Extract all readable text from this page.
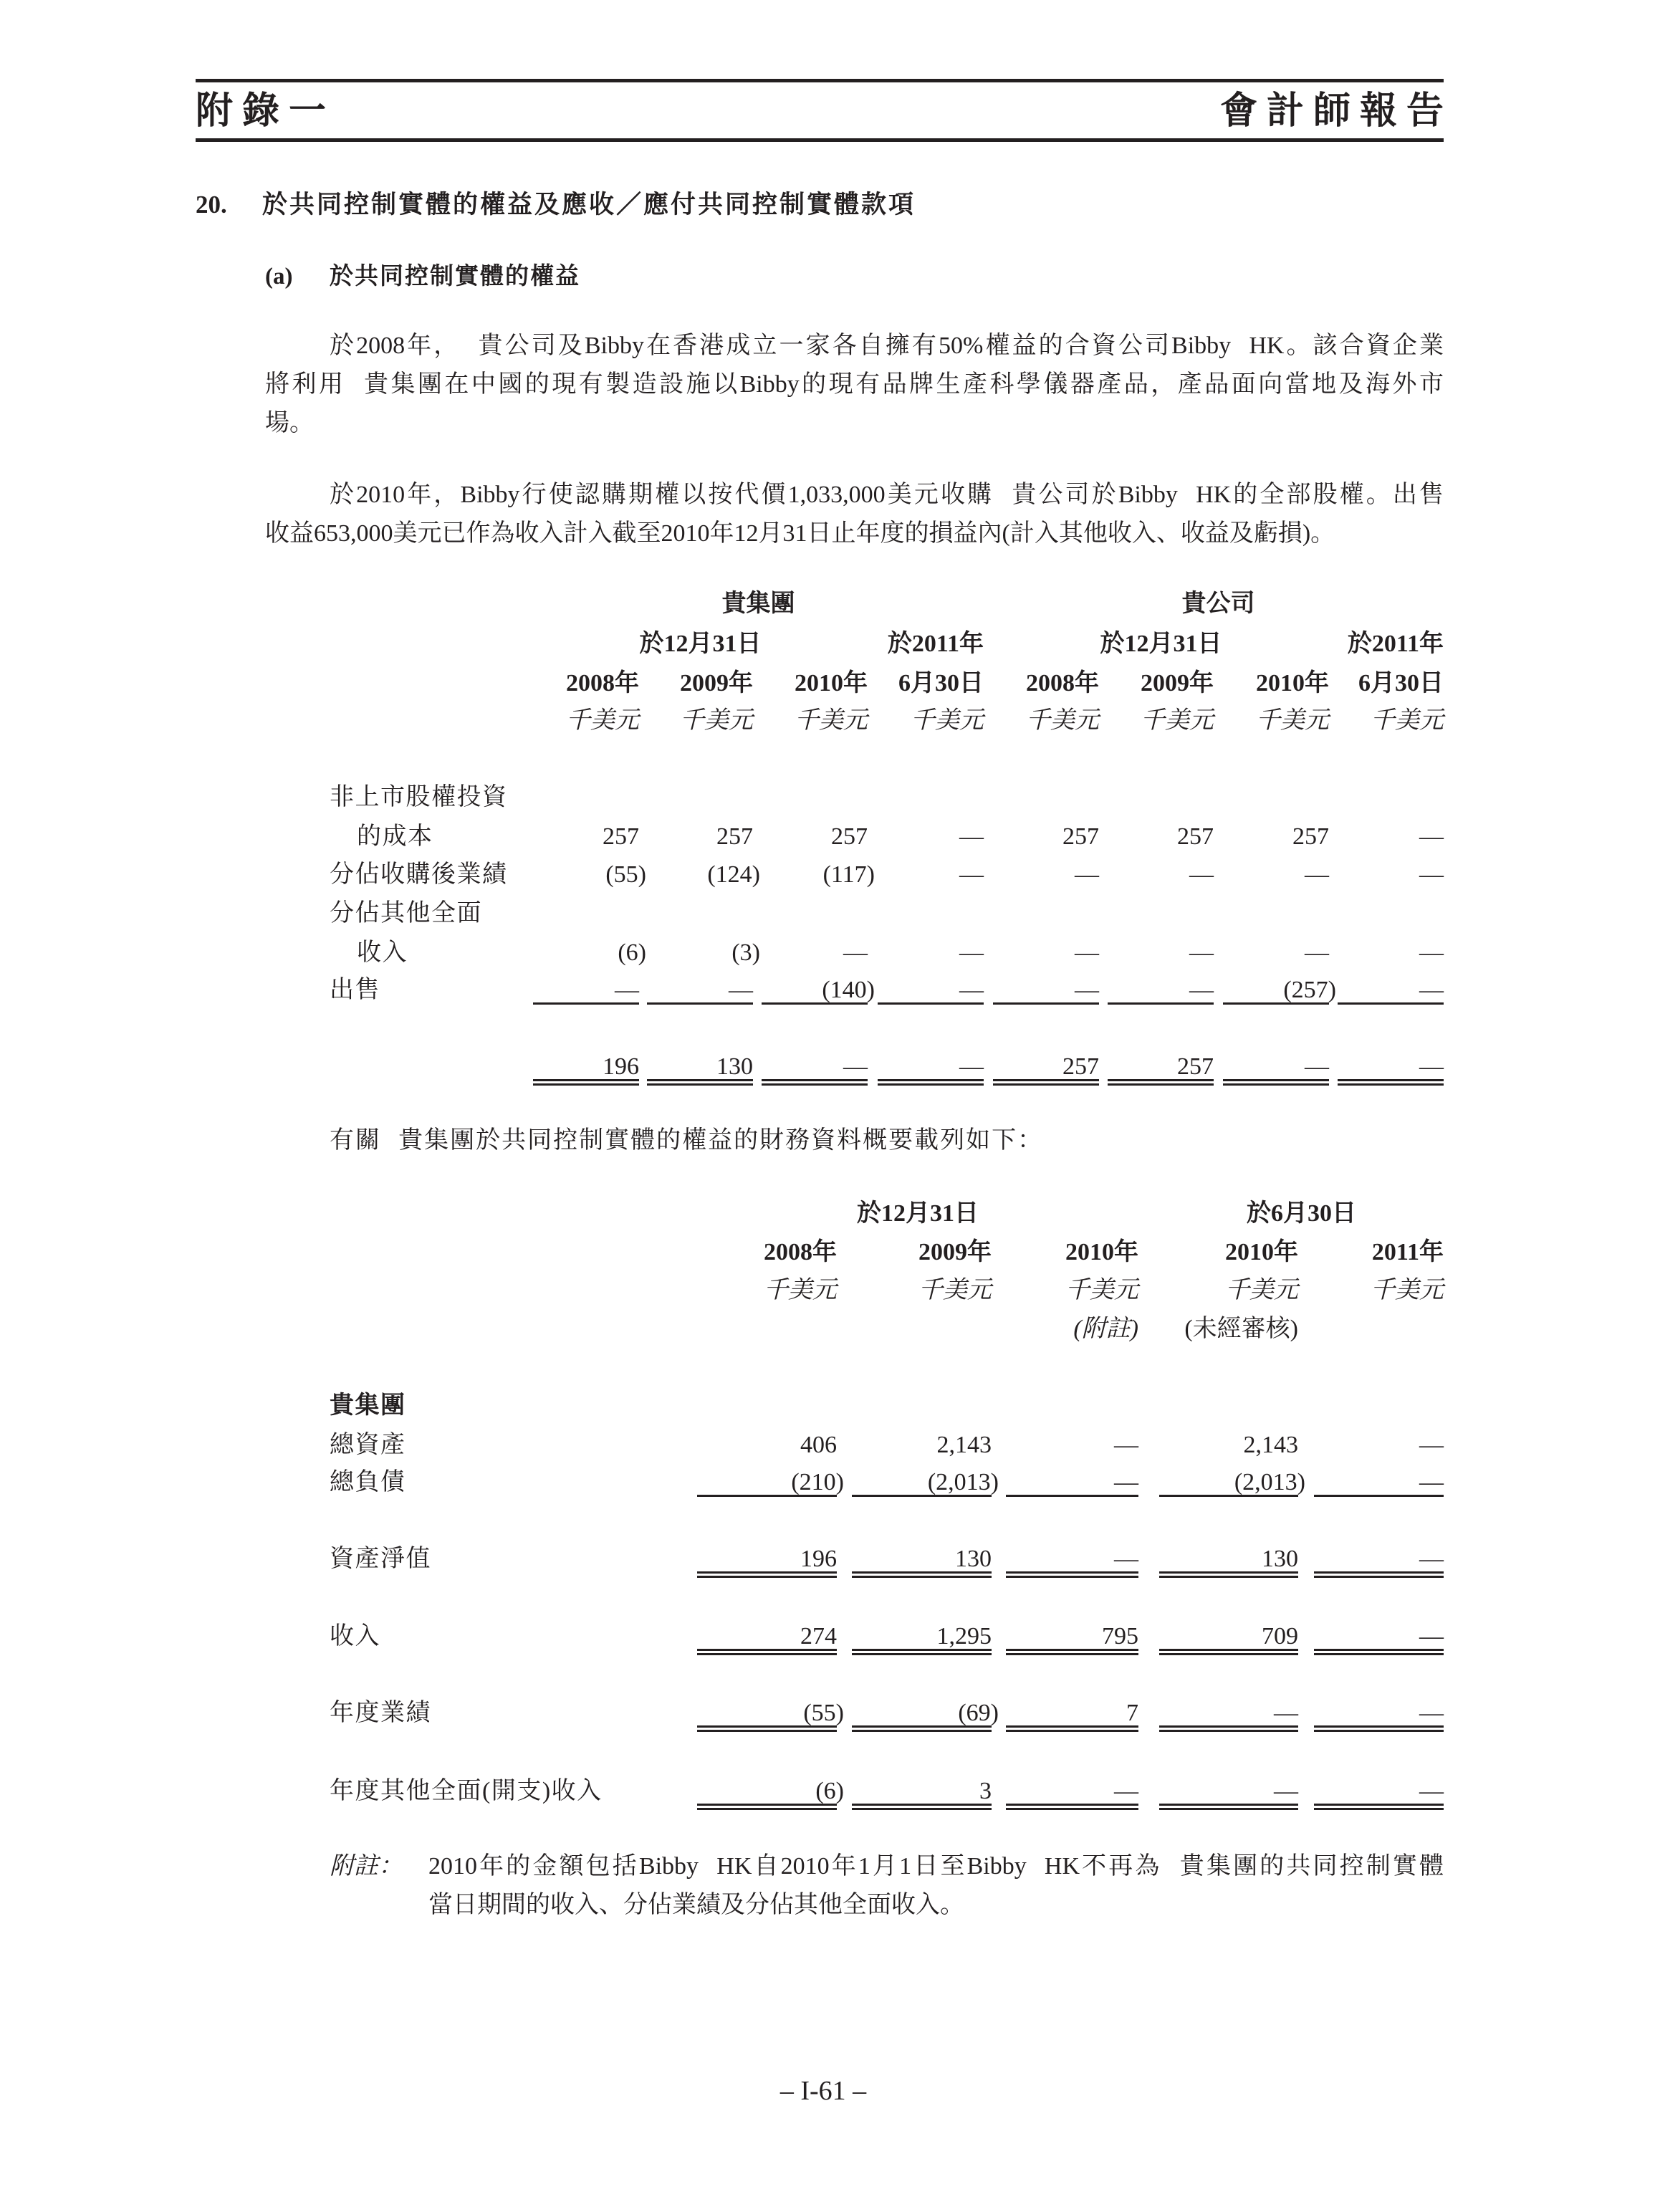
附 錄 一	會 計 師 報 告
20. 於共同控制實體的權益及應收／應付共同控制實體款項
(a) 於共同控制實體的權益
於2008年， 貴公司及Bibby在香港成立一家各自擁有50%權益的合資公司Bibby HK。該合資企業
將利用 貴集團在中國的現有製造設施以Bibby的現有品牌生產科學儀器產品，產品面向當地及海外市
場。
於2010年，Bibby行使認購期權以按代價1,033,000美元收購 貴公司於Bibby HK的全部股權。出售
收益653,000美元已作為收入計入截至2010年12月31日止年度的損益內(計入其他收入、收益及虧損)。
貴集團	貴公司
於12月31日	於2011年	於12月31日	於2011年
2008年	2009年	2010年	6月30日	2008年	2009年	2010年	6月30日
千美元	千美元	千美元	千美元	千美元	千美元	千美元	千美元
非上市股權投資
的成本	257	257	257	—	257	257	257	—
分佔收購後業績	(55)	(124)	(117)	—	—	—	—	—
分佔其他全面
收入	(6)	(3)	—	—	—	—	—	—
出售	—	—	(140)	—	—	—	(257)	—
196	130	—	—	257	257	—	—
有關 貴集團於共同控制實體的權益的財務資料概要載列如下：
於12月31日	於6月30日
2008年	2009年	2010年	2010年	2011年
千美元	千美元	千美元	千美元	千美元
(附註)	(未經審核)
貴集團
總資產	406	2,143	—	2,143	—
總負債	(210)	(2,013)	—	(2,013)	—
資產淨值	196	130	—	130	—
收入	274	1,295	795	709	—
年度業績	(55)	(69)	7	—	—
年度其他全面(開支)收入	(6)	3	—	—	—
附註： 2010年的金額包括Bibby HK自2010年1月1日至Bibby HK不再為 貴集團的共同控制實體
當日期間的收入、分佔業績及分佔其他全面收入。
– I-61 –
